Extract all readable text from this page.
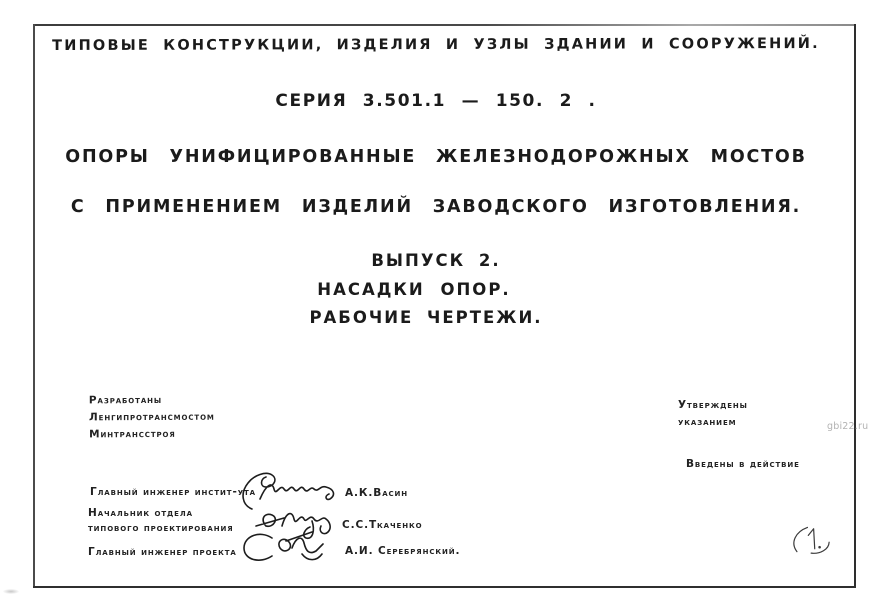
ТИПОВЫЕ КОНСТРУКЦИИ, ИЗДЕЛИЯ И УЗЛЫ ЗДАНИИ И СООРУЖЕНИЙ.
СЕРИЯ 3.501.1 — 150. 2 .
ОПОРЫ УНИФИЦИРОВАННЫЕ ЖЕЛЕЗНОДОРОЖНЫХ МОСТОВ
С ПРИМЕНЕНИЕМ ИЗДЕЛИЙ ЗАВОДСКОГО ИЗГОТОВЛЕНИЯ.
ВЫПУСК 2.
НАСАДКИ ОПОР.
РАБОЧИЕ ЧЕРТЕЖИ.
Разработаны
Ленгипротрансмостом
Минтрансстроя
Утверждены
указанием
Введены в действие
Главный инженер инстит-ута
Начальник отдела
типового проектирования
Главный инженер проекта
А.К.Васин
С.С.Ткаченко
А.И. Серебрянский.
gbi22.ru
